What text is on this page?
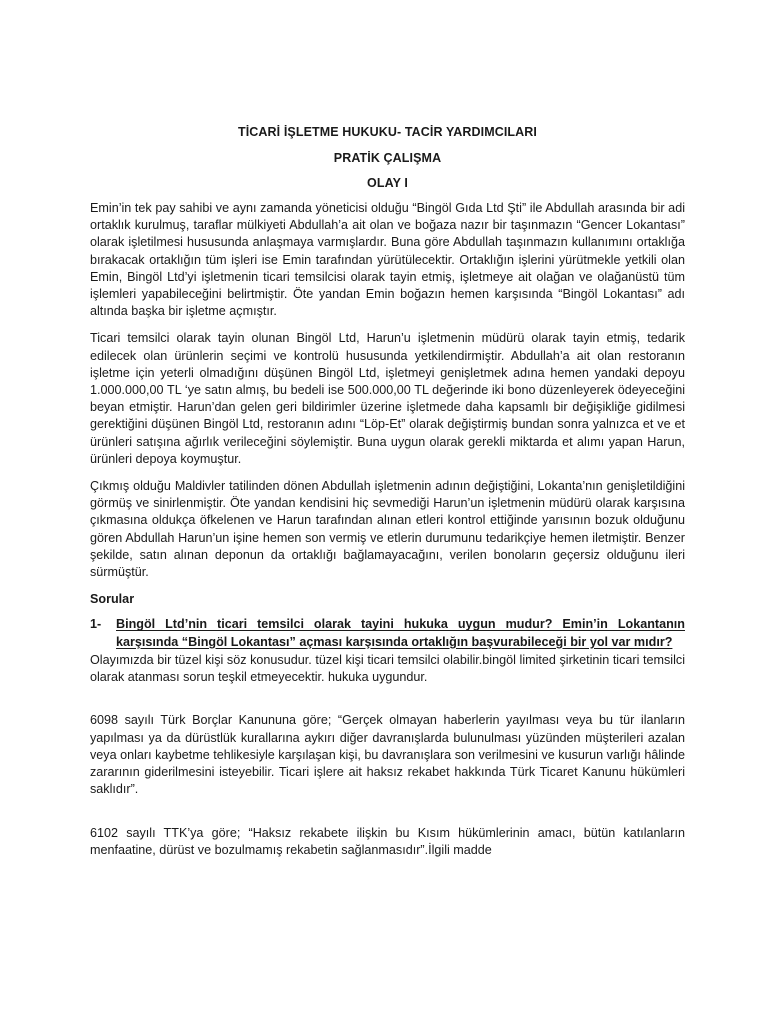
TİCARİ İŞLETME HUKUKU- TACİR YARDIMCILARI
PRATİK ÇALIŞMA
OLAY I

Emin’in tek pay sahibi ve aynı zamanda yöneticisi olduğu “Bingöl Gıda Ltd Şti” ile Abdullah arasında bir adi ortaklık kurulmuş, taraflar mülkiyeti Abdullah’a ait olan ve boğaza nazır bir taşınmazın “Gencer Lokantası” olarak işletilmesi hususunda anlaşmaya varmışlardır. Buna göre Abdullah taşınmazın kullanımını ortaklığa bırakacak ortaklığın tüm işleri ise Emin tarafından yürütülecektir. Ortaklığın işlerini yürütmekle yetkili olan Emin, Bingöl Ltd’yi işletmenin ticari temsilcisi olarak tayin etmiş, işletmeye ait olağan ve olağanüstü tüm işlemleri yapabileceğini belirtmiştir. Öte yandan Emin boğazın hemen karşısında “Bingöl Lokantası” adı altında başka bir işletme açmıştır.

Ticari temsilci olarak tayin olunan Bingöl Ltd, Harun’u işletmenin müdürü olarak tayin etmiş, tedarik edilecek olan ürünlerin seçimi ve kontrolü hususunda yetkilendirmiştir. Abdullah’a ait olan restoranın işletme için yeterli olmadığını düşünen Bingöl Ltd, işletmeyi genişletmek adına hemen yandaki depoyu 1.000.000,00 TL ‘ye satın almış, bu bedeli ise 500.000,00 TL değerinde iki bono düzenleyerek ödeyeceğini beyan etmiştir. Harun’dan gelen geri bildirimler üzerine işletmede daha kapsamlı bir değişikliğe gidilmesi gerektiğini düşünen Bingöl Ltd, restoranın adını “Löp-Et” olarak değiştirmiş bundan sonra yalnızca et ve et ürünleri satışına ağırlık verileceğini söylemiştir. Buna uygun olarak gerekli miktarda et alımı yapan Harun, ürünleri depoya koymuştur.

Çıkmış olduğu Maldivler tatilinden dönen Abdullah işletmenin adının değiştiğini, Lokanta’nın genişletildiğini görmüş ve sinirlenmiştir. Öte yandan kendisini hiç sevmediği Harun’un işletmenin müdürü olarak karşısına çıkmasına oldukça öfkelenen ve Harun tarafından alınan etleri kontrol ettiğinde yarısının bozuk olduğunu gören Abdullah Harun’un işine hemen son vermiş ve etlerin durumunu tedarikçiye hemen iletmiştir. Benzer şekilde, satın alınan deponun da ortaklığı bağlamayacağını, verilen bonoların geçersiz olduğunu ileri sürmüştür.

Sorular
1- Bingöl Ltd’nin ticari temsilci olarak tayini hukuka uygun mudur? Emin’in Lokantanın karşısında “Bingöl Lokantası” açması karşısında ortaklığın başvurabileceği bir yol var mıdır?

Olayımızda bir tüzel kişi söz konusudur. tüzel kişi ticari temsilci olabilir.bingöl limited şirketinin ticari temsilci olarak atanması sorun teşkil etmeyecektir. hukuka uygundur.

6098 sayılı Türk Borçlar Kanununa göre; “Gerçek olmayan haberlerin yayılması veya bu tür ilanların yapılması ya da dürüstlük kurallarına aykırı diğer davranışlarda bulunulması yüzünden müşterileri azalan veya onları kaybetme tehlikesiyle karşılaşan kişi, bu davranışlara son verilmesini ve kusurun varlığı hâlinde zararının giderilmesini isteyebilir. Ticari işlere ait haksız rekabet hakkında Türk Ticaret Kanunu hükümleri saklıdır”.

6102 sayılı TTK’ya göre; “Haksız rekabete ilişkin bu Kısım hükümlerinin amacı, bütün katılanların menfaatine, dürüst ve bozulmamış rekabetin sağlanmasıdır”.İlgili madde
